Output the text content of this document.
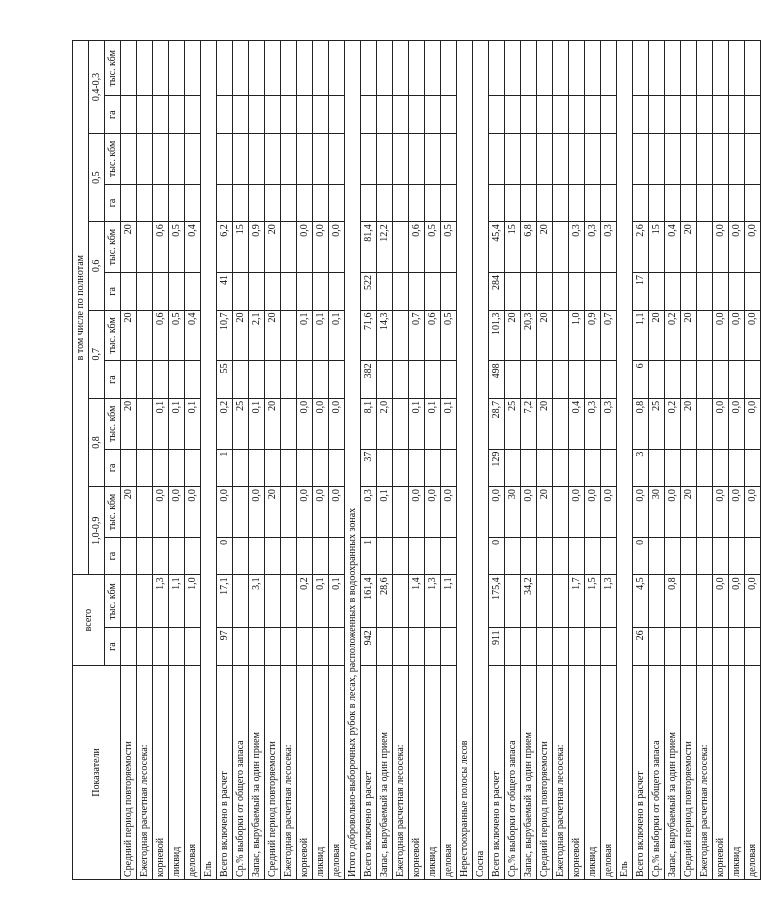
Показатели	всего		в том числе по полнотам											
			1,0-0,9		0,8		0,7		0,6		0,5		0,4-0,3	
	га	тыс. кбм	га	тыс. кбм	га	тыс. кбм	га	тыс. кбм	га	тыс. кбм	га	тыс. кбм	га	тыс. кбм
Средний период повторяемости				20		20		20		20				
Ежегодная расчетная лесосека:														
корневой		1,3		0,0		0,1		0,6		0,6				
ликвид		1,1		0,0		0,1		0,5		0,5				
деловая		1,0		0,0		0,1		0,4		0,4				
Ель														
Всего включено в расчет	97	17,1	0	0,0	1	0,2	55	10,7	41	6,2				
Ср.% выборки от общего запаса						25		20		15				
Запас, вырубаемый за один прием		3,1		0,0		0,1		2,1		0,9				
Средний период повторяемости				20		20		20		20				
Ежегодная расчетная лесосека:														
корневой		0,2		0,0		0,0		0,1		0,0				
ликвид		0,1		0,0		0,0		0,1		0,0				
деловая		0,1		0,0		0,0		0,1		0,0				
Итого добровольно-выборочных рубок в лесах, расположенных в водоохранных зонах														
Всего включено в расчет	942	161,4	1	0,3	37	8,1	382	71,6	522	81,4				
Запас, вырубаемый за один прием		28,6		0,1		2,0		14,3		12,2				
Ежегодная расчетная лесосека:														
корневой		1,4		0,0		0,1		0,7		0,6				
ликвид		1,3		0,0		0,1		0,6		0,5				
деловая		1,1		0,0		0,1		0,5		0,5				
Нерестоохранные полосы лесов														
Сосна														
Всего включено в расчет	911	175,4	0	0,0	129	28,7	498	101,3	284	45,4				
Ср.% выборки от общего запаса				30		25		20		15				
Запас, вырубаемый за один прием		34,2		0,0		7,2		20,3		6,8				
Средний период повторяемости				20		20		20		20				
Ежегодная расчетная лесосека:														
корневой		1,7		0,0		0,4		1,0		0,3				
ликвид		1,5		0,0		0,3		0,9		0,3				
деловая		1,3		0,0		0,3		0,7		0,3				
Ель														
Всего включено в расчет	26	4,5	0	0,0	3	0,8	6	1,1	17	2,6				
Ср.% выборки от общего запаса				30		25		20		15				
Запас, вырубаемый за один прием		0,8		0,0		0,2		0,2		0,4				
Средний период повторяемости				20		20		20		20				
Ежегодная расчетная лесосека:														
корневой		0,0		0,0		0,0		0,0		0,0				
ликвид		0,0		0,0		0,0		0,0		0,0				
деловая		0,0		0,0		0,0		0,0		0,0				
